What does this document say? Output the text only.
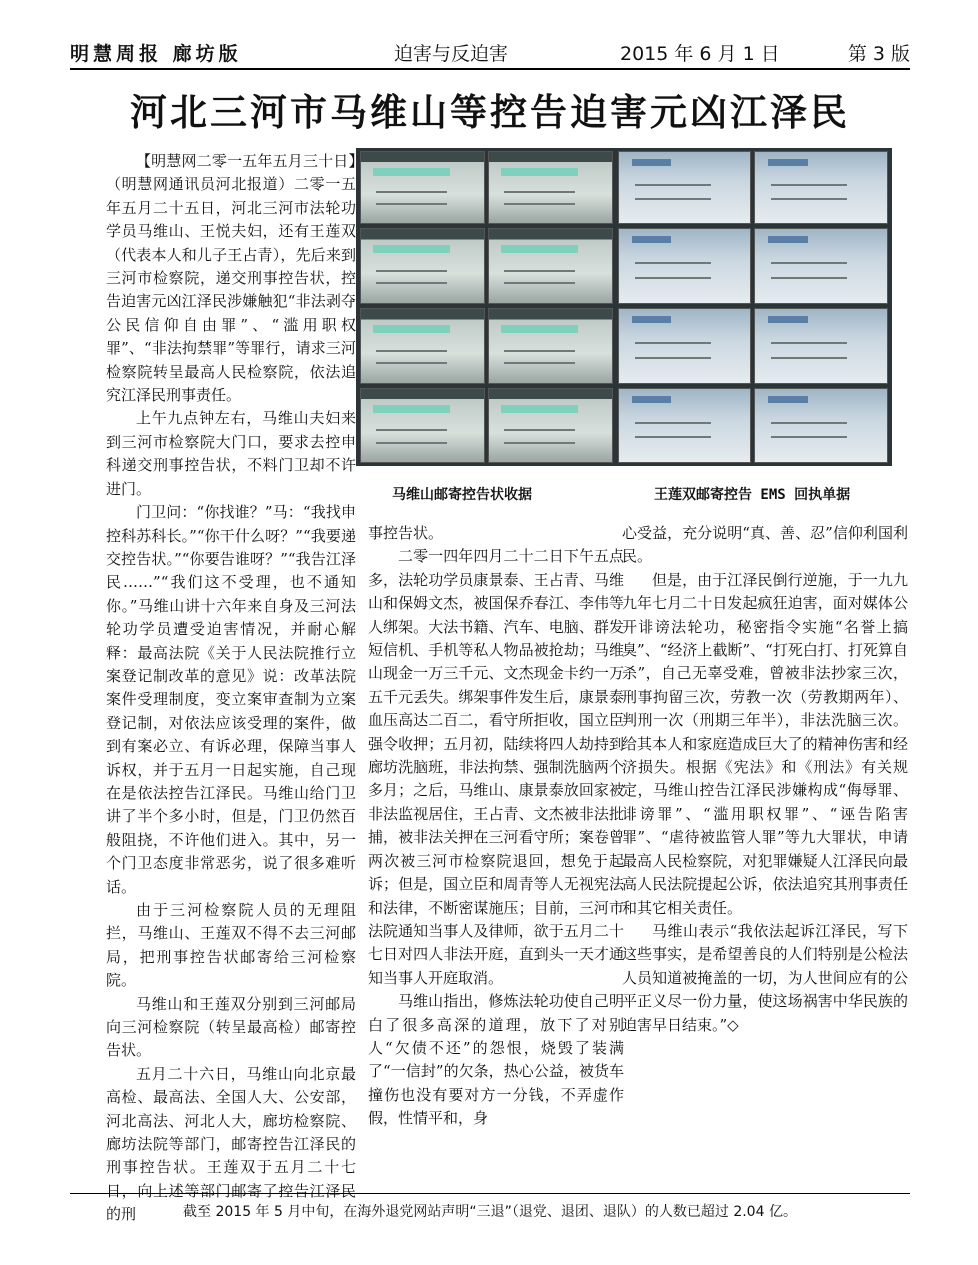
明慧周报 廊坊版	迫害与反迫害	2015 年 6 月 1 日	第 3 版
河北三河市马维山等控告迫害元凶江泽民

【明慧网二零一五年五月三十日】（明慧网通讯员河北报道）二零一五年五月二十五日，河北三河市法轮功学员马维山、王悦夫妇，还有王莲双（代表本人和儿子王占青），先后来到三河市检察院，递交刑事控告状，控告迫害元凶江泽民涉嫌触犯“非法剥夺公民信仰自由罪”、“滥用职权罪”、“非法拘禁罪”等罪行，请求三河检察院转呈最高人民检察院，依法追究江泽民刑事责任。

上午九点钟左右，马维山夫妇来到三河市检察院大门口，要求去控申科递交刑事控告状，不料门卫却不许进门。

门卫问：“你找谁？”马：“我找申控科苏科长。”“你干什么呀？”“我要递交控告状。”“你要告谁呀？”“我告江泽民……”“我们这不受理，也不通知你。”马维山讲十六年来自身及三河法轮功学员遭受迫害情况，并耐心解释：最高法院《关于人民法院推行立案登记制改革的意见》说：改革法院案件受理制度，变立案审查制为立案登记制，对依法应该受理的案件，做到有案必立、有诉必理，保障当事人诉权，并于五月一日起实施，自己现在是依法控告江泽民。马维山给门卫讲了半个多小时，但是，门卫仍然百般阻挠，不许他们进入。其中，另一个门卫态度非常恶劣，说了很多难听话。

由于三河检察院人员的无理阻拦，马维山、王莲双不得不去三河邮局，把刑事控告状邮寄给三河检察院。

马维山和王莲双分别到三河邮局向三河检察院（转呈最高检）邮寄控告状。

五月二十六日，马维山向北京最高检、最高法、全国人大、公安部，河北高法、河北人大，廊坊检察院、廊坊法院等部门，邮寄控告江泽民的刑事控告状。王莲双于五月二十七日，向上述等部门邮寄了控告江泽民的刑

马维山邮寄控告状收据	王莲双邮寄控告 EMS 回执单据

事控告状。

二零一四年四月二十二日下午五点多，法轮功学员康景泰、王占青、马维山和保姆文杰，被国保乔春江、李伟等人绑架。大法书籍、汽车、电脑、群发短信机、手机等私人物品被抢劫；马维山现金一万三千元、文杰现金卡约一万五千元丢失。绑架事件发生后，康景泰血压高达二百二，看守所拒收，国立臣强令收押；五月初，陆续将四人劫持到廊坊洗脑班，非法拘禁、强制洗脑两个多月；之后，马维山、康景泰放回家被非法监视居住，王占青、文杰被非法批捕，被非法关押在三河看守所；案卷曾两次被三河市检察院退回，想免于起诉；但是，国立臣和周青等人无视宪法和法律，不断密谋施压；目前，三河市法院通知当事人及律师，欲于五月二十七日对四人非法开庭，直到头一天才通知当事人开庭取消。

马维山指出，修炼法轮功使自己明白了很多高深的道理，放下了对别人“欠债不还”的怨恨，烧毁了装满了“一信封”的欠条，热心公益，被货车撞伤也没有要对方一分钱，不弄虚作假，性情平和，身

心受益，充分说明“真、善、忍”信仰利国利民。

但是，由于江泽民倒行逆施，于一九九九年七月二十日发起疯狂迫害，面对媒体公开诽谤法轮功，秘密指令实施“名誉上搞臭”、“经济上截断”、“打死白打、打死算自杀”，自己无辜受难，曾被非法抄家三次，刑事拘留三次，劳教一次（劳教期两年）、判刑一次（刑期三年半），非法洗脑三次。给其本人和家庭造成巨大了的精神伤害和经济损失。根据《宪法》和《刑法》有关规定，马维山控告江泽民涉嫌构成“侮辱罪、诽谤罪”、“滥用职权罪”、“诬告陷害罪”、“虐待被监管人罪”等九大罪状，申请最高人民检察院，对犯罪嫌疑人江泽民向最高人民法院提起公诉，依法追究其刑事责任和其它相关责任。

马维山表示“我依法起诉江泽民，写下这些事实，是希望善良的人们特别是公检法人员知道被掩盖的一切，为人世间应有的公平正义尽一份力量，使这场祸害中华民族的迫害早日结束。”◇

截至 2015 年 5 月中旬，在海外退党网站声明“三退”（退党、退团、退队）的人数已超过 2.04 亿。
